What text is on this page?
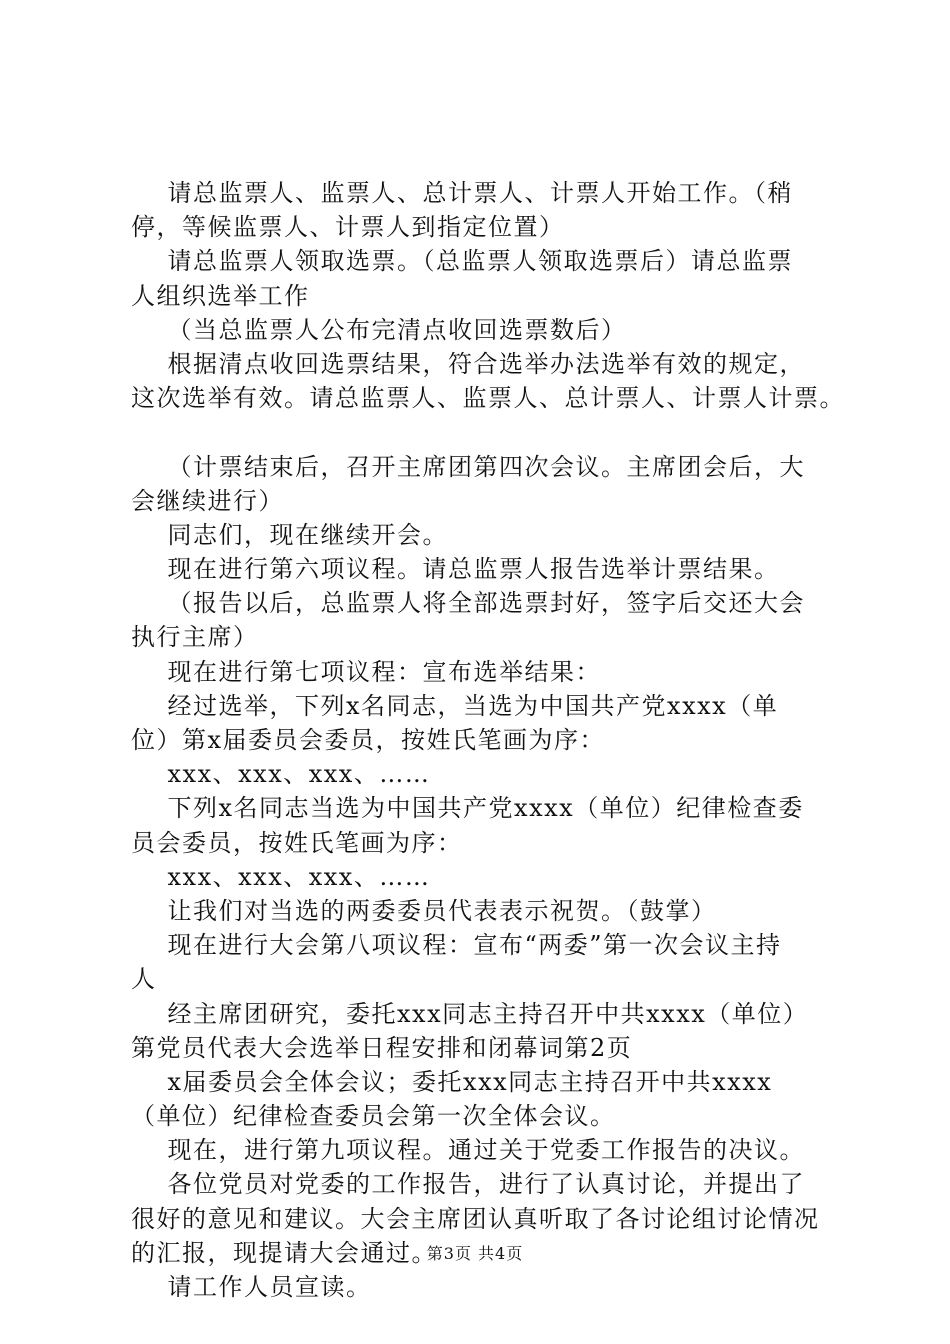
请总监票人、监票人、总计票人、计票人开始工作。（稍
停，等候监票人、计票人到指定位置）
请总监票人领取选票。（总监票人领取选票后）请总监票
人组织选举工作
（当总监票人公布完清点收回选票数后）
根据清点收回选票结果，符合选举办法选举有效的规定，
这次选举有效。请总监票人、监票人、总计票人、计票人计票。
（计票结束后，召开主席团第四次会议。主席团会后，大
会继续进行）
同志们，现在继续开会。
现在进行第六项议程。请总监票人报告选举计票结果。
（报告以后，总监票人将全部选票封好，签字后交还大会
执行主席）
现在进行第七项议程：宣布选举结果：
经过选举，下列x名同志，当选为中国共产党xxxx（单
位）第x届委员会委员，按姓氏笔画为序：
xxx、xxx、xxx、……
下列x名同志当选为中国共产党xxxx（单位）纪律检查委
员会委员，按姓氏笔画为序：
xxx、xxx、xxx、……
让我们对当选的两委委员代表表示祝贺。（鼓掌）
现在进行大会第八项议程：宣布“两委”第一次会议主持
人
经主席团研究，委托xxx同志主持召开中共xxxx（单位）
第党员代表大会选举日程安排和闭幕词第2页
x届委员会全体会议；委托xxx同志主持召开中共xxxx
（单位）纪律检查委员会第一次全体会议。
现在，进行第九项议程。通过关于党委工作报告的决议。
各位党员对党委的工作报告，进行了认真讨论，并提出了
很好的意见和建议。大会主席团认真听取了各讨论组讨论情况
的汇报，现提请大会通过。
请工作人员宣读。
第3页 共4页
